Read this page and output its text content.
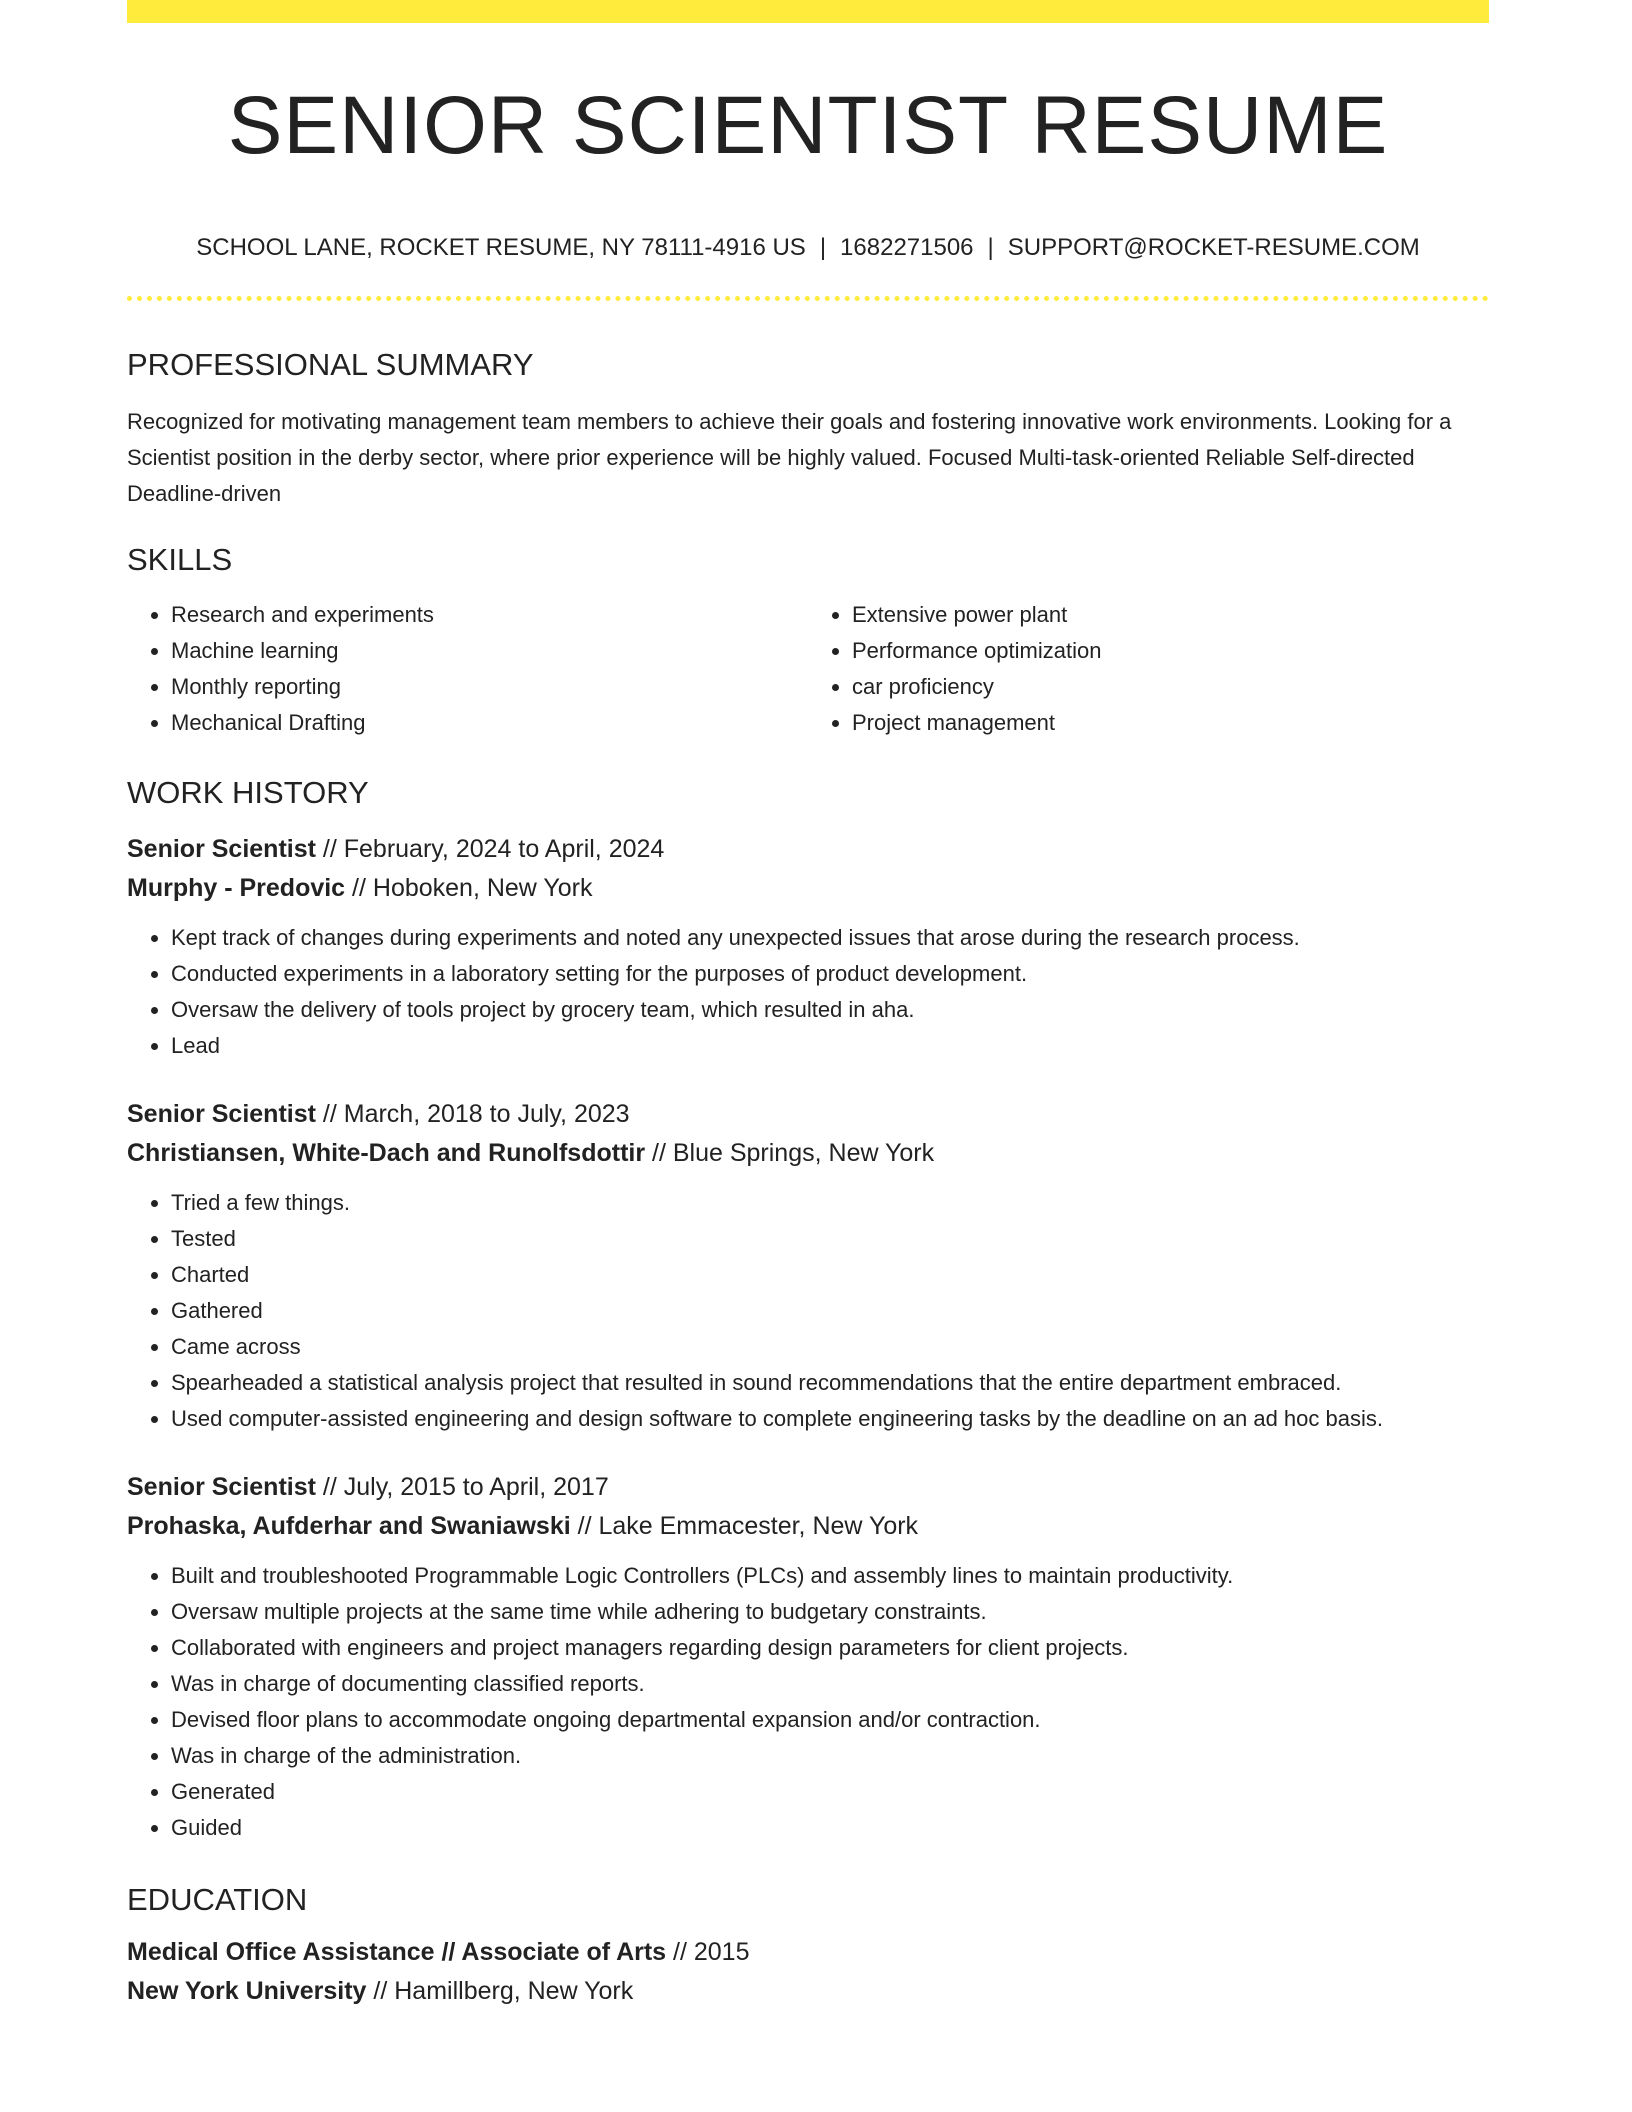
SENIOR SCIENTIST RESUME
SCHOOL LANE, ROCKET RESUME, NY 78111-4916 US | 1682271506 | SUPPORT@ROCKET-RESUME.COM
PROFESSIONAL SUMMARY

Recognized for motivating management team members to achieve their goals and fostering innovative work environments. Looking for a Scientist position in the derby sector, where prior experience will be highly valued. Focused Multi-task-oriented Reliable Self-directed Deadline-driven

SKILLS
• Research and experiments
• Machine learning
• Monthly reporting
• Mechanical Drafting
• Extensive power plant
• Performance optimization
• car proficiency
• Project management
WORK HISTORY

Senior Scientist // February, 2024 to April, 2024

Murphy - Predovic // Hoboken, New York

• Kept track of changes during experiments and noted any unexpected issues that arose during the research process.
• Conducted experiments in a laboratory setting for the purposes of product development.
• Oversaw the delivery of tools project by grocery team, which resulted in aha.
• Lead

Senior Scientist // March, 2018 to July, 2023

Christiansen, White-Dach and Runolfsdottir // Blue Springs, New York

• Tried a few things.
• Tested
• Charted
• Gathered
• Came across
• Spearheaded a statistical analysis project that resulted in sound recommendations that the entire department embraced.
• Used computer-assisted engineering and design software to complete engineering tasks by the deadline on an ad hoc basis.

Senior Scientist // July, 2015 to April, 2017

Prohaska, Aufderhar and Swaniawski // Lake Emmacester, New York

• Built and troubleshooted Programmable Logic Controllers (PLCs) and assembly lines to maintain productivity.
• Oversaw multiple projects at the same time while adhering to budgetary constraints.
• Collaborated with engineers and project managers regarding design parameters for client projects.
• Was in charge of documenting classified reports.
• Devised floor plans to accommodate ongoing departmental expansion and/or contraction.
• Was in charge of the administration.
• Generated
• Guided
EDUCATION

Medical Office Assistance // Associate of Arts // 2015

New York University // Hamillberg, New York
